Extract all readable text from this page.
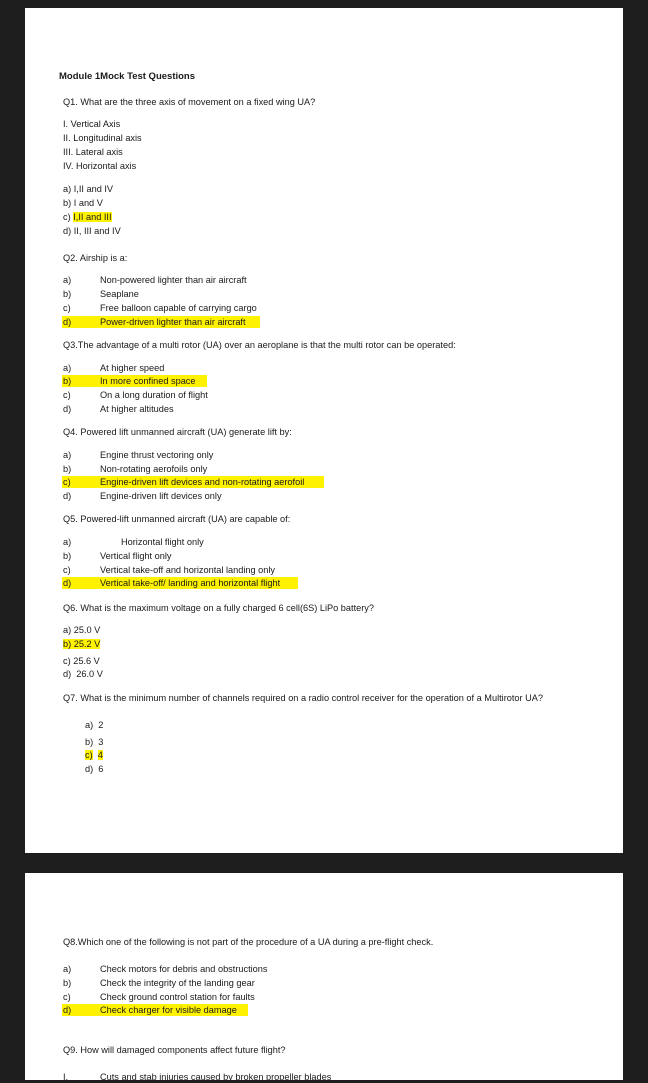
Module 1Mock Test Questions
Q1. What are the three axis of movement on a fixed wing UA?
I. Vertical Axis
II. Longitudinal axis
III. Lateral axis
IV. Horizontal axis
a) I,II and IV
b) I and V
c) I,II and III
d) II, III and IV
Q2. Airship is a:
a)	Non-powered lighter than air aircraft
b)	Seaplane
c)	Free balloon capable of carrying cargo
d)	Power-driven lighter than air aircraft
Q3.The advantage of a multi rotor (UA) over an aeroplane is that the multi rotor can be operated:
a)	At higher speed
b)	In more confined space
c)	On a long duration of flight
d)	At higher altitudes
Q4. Powered lift unmanned aircraft (UA) generate lift by:
a)	Engine thrust vectoring only
b)	Non-rotating aerofoils only
c)	Engine-driven lift devices and non-rotating aerofoil
d)	Engine-driven lift devices only
Q5. Powered-lift unmanned aircraft (UA) are capable of:
a)	Horizontal flight only
b)	Vertical flight only
c)	Vertical take-off and horizontal landing only
d)	Vertical take-off/ landing and horizontal flight
Q6. What is the maximum voltage on a fully charged 6 cell(6S) LiPo battery?
a) 25.0 V
b) 25.2 V
c) 25.6 V
d) 26.0 V
Q7. What is the minimum number of channels required on a radio control receiver for the operation of a Multirotor UA?
a) 2
b) 3
c) 4
d) 6
Q8.Which one of the following is not part of the procedure of a UA during a pre-flight check.
a)	Check motors for debris and obstructions
b)	Check the integrity of the landing gear
c)	Check ground control station for faults
d)	Check charger for visible damage
Q9. How will damaged components affect future flight?
I.	Cuts and stab injuries caused by broken propeller blades
